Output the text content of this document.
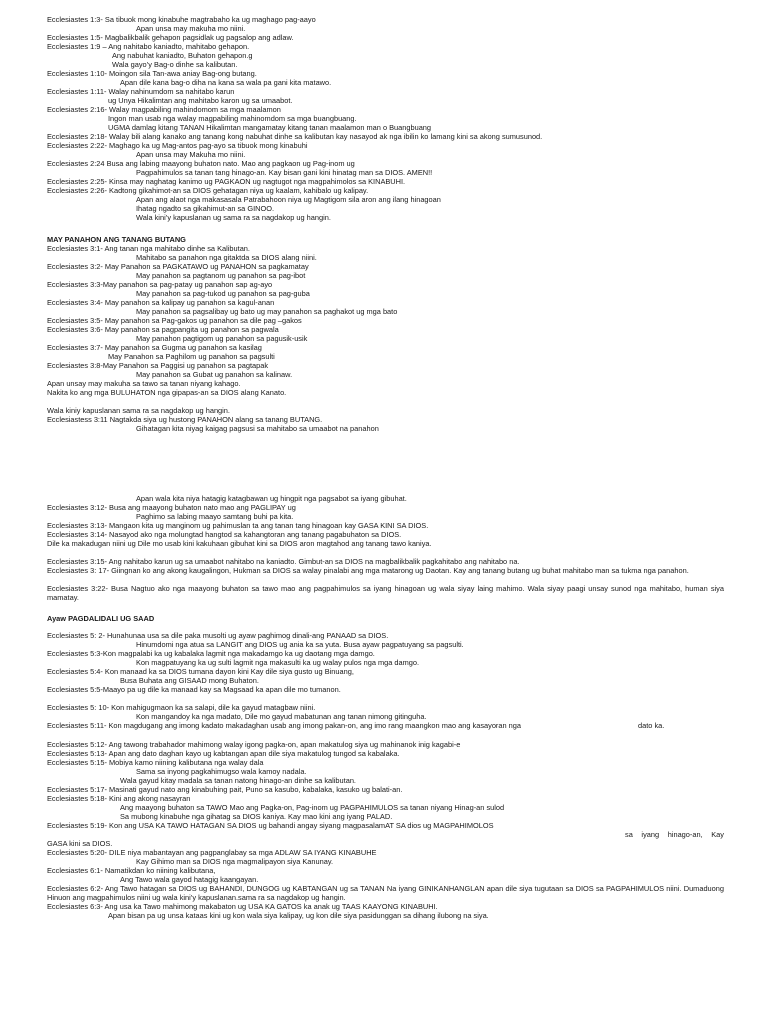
Ecclesiastes 1:3- Sa tibuok mong kinabuhe magtrabaho ka ug maghago pag-aayo
Apan unsa may makuha mo niini.
Ecclesiastes 1:5- Magbalikbalik gehapon pagsidlak ug pagsalop ang adlaw.
Ecclesiastes 1:9 – Ang nahitabo kaniadto, mahitabo gehapon.
Ang nabuhat kaniadto, Buhaton gehapon.g
Wala gayo’y Bag-o dinhe sa kalibutan.
Ecclesiastes 1:10- Moingon sila Tan-awa aniay Bag-ong butang.
Apan dile kana bag-o diha na kana sa wala pa gani kita matawo.
Ecclesiastes 1:11- Walay nahinumdom sa nahitabo karun
ug Unya Hikalimtan ang mahitabo karon ug sa umaabot.
Ecclesiastes 2:16- Walay magpabiling mahindomom sa mga maalamon
Ingon man usab nga walay magpabiling mahinomdom sa mga buangbuang.
UGMA damlag kitang TANAN Hikalimtan mangamatay kitang tanan maalamon man o Buangbuang
Ecclesiastes 2:18- Walay bili alang kanako ang tanang kong nabuhat dinhe sa kalibutan kay nasayod ak nga ibilin ko lamang kini sa akong sumusunod.
Ecclesiastes 2:22- Maghago ka ug Mag-antos pag-ayo sa tibuok mong kinabuhi
Apan unsa may Makuha mo niini.
Ecclesiastes 2:24 Busa ang labing maayong buhaton nato. Mao ang pagkaon ug Pag-inom ug
Pagpahimulos sa tanan tang hinago-an. Kay bisan gani kini hinatag man sa DIOS. AMEN!!
Ecclesiastes 2:25- Kinsa may naghatag kanimo ug PAGKAON ug nagtugot nga magpahimolos sa KINABUHI.
Ecclesiastes 2:26- Kadtong gikahimot-an sa DIOS gehatagan niya ug kaalam, kahibalo ug kalipay.
Apan ang alaot nga makasasala Patrabahoon niya ug Magtigom sila aron ang ilang hinagoan
Ihatag ngadto sa gikahimut-an sa GINOO.
Wala kini’y kapuslanan ug sama ra sa nagdakop ug hangin.
MAY PANAHON ANG TANANG BUTANG
Ecclesiastes 3:1- Ang tanan nga mahitabo dinhe sa Kalibutan.
Mahitabo sa panahon nga gitaktda sa DIOS alang niini.
Ecclesiastes 3:2- May Panahon sa PAGKATAWO ug PANAHON sa pagkamatay
May panahon sa pagtanom ug panahon sa pag-ibot
Ecclesiastes 3:3-May panahon sa pag-patay ug panahon sap ag-ayo
May panahon sa pag-tukod ug panahon sa pag-guba
Ecclesiastes 3:4- May panahon sa kalipay ug panahon sa kagul-anan
May panahon sa pagsalibay ug bato ug may panahon sa paghakot ug mga bato
Ecclesiastes 3:5- May panahon sa Pag-gakos ug panahon sa dile pag –gakos
Ecclesiastes 3:6- May panahon sa pagpangita ug panahon sa pagwala
May panahon pagtigom ug panahon sa pagusik-usik
Ecclesiastes 3:7- May panahon sa Gugma ug panahon sa kasilag
May Panahon sa Paghilom ug panahon sa pagsulti
Ecclesiastes 3:8-May Panahon sa Paggisi ug panahon sa pagtapak
May panahon sa Gubat ug panahon sa kalinaw.
Apan unsay may makuha sa tawo sa tanan niyang kahago.
Nakita ko ang mga BULUHATON nga gipapas-an sa DIOS alang Kanato.
Wala kiniy kapuslanan sama ra sa nagdakop ug hangin.
Ecclesiastess 3:11 Nagtakda siya ug hustong PANAHON alang sa tanang BUTANG.
Gihatagan kita niyag kaigag pagsusi sa mahitabo sa umaabot na panahon
Apan wala kita niya hatagig katagbawan ug hingpit nga pagsabot sa iyang gibuhat.
Ecclesiastes 3:12- Busa ang maayong buhaton nato mao ang PAGLIPAY ug
Paghimo sa labing maayo samtang buhi pa kita.
Ecclesiastes 3:13- Mangaon kita ug manginom ug pahimuslan ta ang tanan tang hinagoan kay GASA KINI SA DIOS.
Ecclesiastes 3:14- Nasayod ako nga molungtad hangtod sa kahangtoran ang tanang pagabuhaton sa DIOS.
Dile ka makadugan niini ug Dile mo usab kini kakuhaan gibuhat kini sa DIOS aron magtahod ang tanang tawo kaniya.
Ecclesiastes 3:15- Ang nahitabo karun ug sa umaabot nahitabo na kaniadto. Gimbut-an sa DIOS na magbalikbalik pagkahitabo ang nahitabo na.
Ecclesiastes 3: 17- Giingnan ko ang akong kaugalingon, Hukman sa DIOS sa walay pinalabi ang mga matarong ug Daotan. Kay ang tanang butang ug buhat mahitabo man sa tukma nga panahon.
Ecclesiastes 3:22- Busa Nagtuo ako nga maayong buhaton sa tawo mao ang pagpahimulos sa iyang hinagoan ug wala siyay laing mahimo. Wala siyay paagi unsay sunod nga mahitabo, human siya mamatay.
Ayaw PAGDALIDALI UG SAAD
Ecclesiastes 5: 2- Hunahunaa usa sa dile paka musolti ug ayaw paghimog dinali-ang PANAAD sa DIOS.
Hinumdomi nga atua sa LANGIT ang DIOS ug ania ka sa yuta. Busa ayaw pagpatuyang sa pagsulti.
Ecclesiastes 5:3-Kon magpalabi ka ug kabalaka lagmit nga makadamgo ka ug daotang mga damgo.
Kon magpatuyang ka ug sulti lagmit nga makasulti ka ug walay pulos nga mga damgo.
Ecclesiastes 5:4- Kon manaad ka sa DIOS tumana dayon kini Kay dile siya gusto ug Binuang,
Busa Buhata ang GISAAD mong Buhaton.
Ecclesiastes 5:5-Maayo pa ug dile ka manaad kay sa Magsaad ka apan dile mo tumanon.
Ecclesiastes 5: 10- Kon mahigugmaon ka sa salapi, dile ka gayud matagbaw niini.
Kon mangandoy ka nga madato, Dile mo gayud mabatunan ang tanan nimong gitinguha.
Ecclesiastes 5:11- Kon magdugang ang imong kadato makadaghan usab ang imong pakan-on, ang imo rang maangkon mao ang kasayoran nga	dato ka.
Ecclesiastes 5:12- Ang tawong trabahador mahimong walay igong pagka-on, apan makatulog siya ug mahinanok inig kagabi-e
Ecclesiastes 5:13- Apan ang dato daghan kayo ug kabtangan apan dile siya makatulog tungod sa kabalaka.
Ecclesiastes 5:15- Mobiya kamo niining kalibutana nga walay dala
Sama sa inyong pagkahimugso wala kamoy nadala.
Wala gayud kitay madala sa tanan natong hinago-an dinhe sa kalibutan.
Ecclesiastes 5:17- Masinati gayud nato ang kinabuhing pait, Puno sa kasubo, kabalaka, kasuko ug balati-an.
Ecclesiastes 5:18- Kini ang akong nasayran
Ang maayong buhaton sa TAWO Mao ang Pagka-on, Pag-inom ug PAGPAHIMULOS sa tanan niyang Hinag-an sulod
Sa mubong kinabuhe nga gihatag sa DIOS kaniya. Kay mao kini ang iyang PALAD.
Ecclesiastes 5:19- Kon ang USA KA TAWO HATAGAN SA DIOS ug bahandi angay siyang magpasalamAT SA dios ug MAGPAHIMOLOS
sa iyang hinago-an, Kay GASA kini sa DIOS.
Ecclesiastes 5:20- DILE niya mabantayan ang pagpanglabay sa mga ADLAW SA IYANG KINABUHE
Kay Gihimo man sa DIOS nga magmalipayon siya Kanunay.
Ecclesiastes 6:1- Namatikdan ko niining kalibutana,
Ang Tawo wala gayod hatagig kaangayan.
Ecclesiastes 6:2- Ang Tawo hatagan sa DIOS ug BAHANDI, DUNGOG ug KABTANGAN ug sa TANAN Na iyang GINIKANHANGLAN apan dile siya tugutaan sa DIOS sa PAGPAHIMULOS niini. Dumaduong Hinuon ang magpahimulos niini ug wala kini’y kapuslanan.sama ra sa nagdakop ug hangin.
Ecclesiastes 6:3- Ang usa ka Tawo mahimong makabaton ug USA KA GATOS ka anak ug TAAS KAAYONG KINABUHI.
Apan bisan pa ug unsa kataas kini ug kon wala siya kalipay, ug kon dile siya pasidunggan sa dihang ilubong na siya.
